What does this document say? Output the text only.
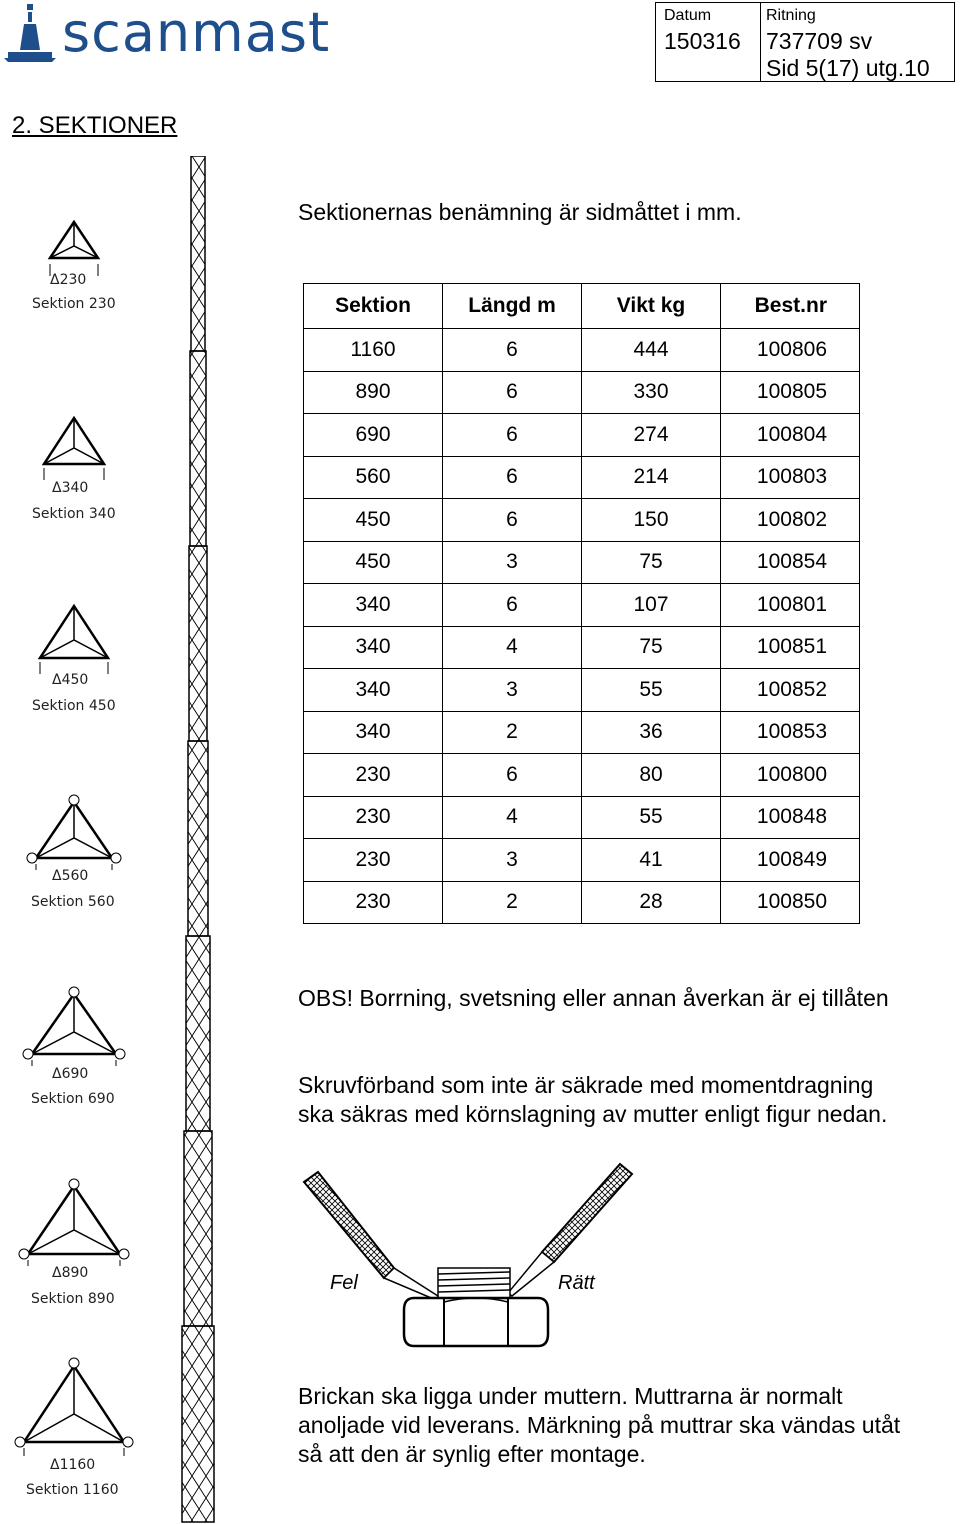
scanmast	Datum
150316
Ritning
737709 sv
Sid 5(17) utg.10
2. SEKTIONER
Sektionernas benämning är sidmåttet i mm.
Δ230
Sektion 230
Δ340
Sektion 340
Δ450
Sektion 450
Δ560
Sektion 560
Δ690
Sektion 690
Δ890
Sektion 890
Δ1160
Sektion 1160
Sektion	Längd m	Vikt kg	Best.nr
1160	6	444	100806
890	6	330	100805
690	6	274	100804
560	6	214	100803
450	6	150	100802
450	3	75	100854
340	6	107	100801
340	4	75	100851
340	3	55	100852
340	2	36	100853
230	6	80	100800
230	4	55	100848
230	3	41	100849
230	2	28	100850
OBS! Borrning, svetsning eller annan åverkan är ej tillåten
Skruvförband som inte är säkrade med momentdragning
ska säkras med körnslagning av mutter enligt figur nedan.
Fel	Rätt
Brickan ska ligga under muttern. Muttrarna är normalt
anoljade vid leverans. Märkning på muttrar ska vändas utåt
så att den är synlig efter montage.
